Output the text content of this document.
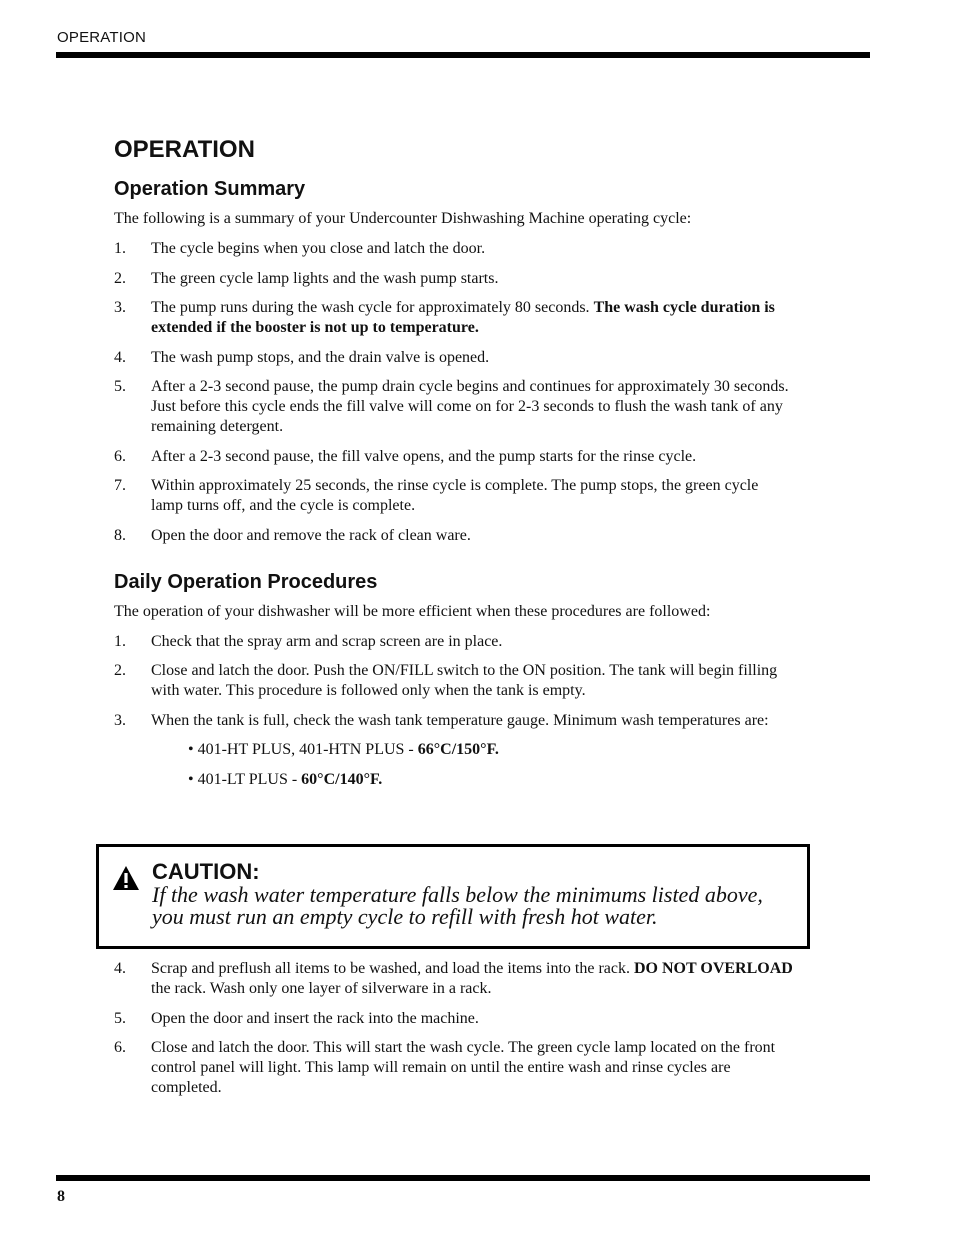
OPERATION
OPERATION
Operation Summary

The following is a summary of your Undercounter Dishwashing Machine operating cycle:

1. The cycle begins when you close and latch the door.
2. The green cycle lamp lights and the wash pump starts.
3. The pump runs during the wash cycle for approximately 80 seconds. The wash cycle duration is extended if the booster is not up to temperature.
4. The wash pump stops, and the drain valve is opened.
5. After a 2-3 second pause, the pump drain cycle begins and continues for approximately 30 seconds. Just before this cycle ends the fill valve will come on for 2-3 seconds to flush the wash tank of any remaining detergent.
6. After a 2-3 second pause, the fill valve opens, and the pump starts for the rinse cycle.
7. Within approximately 25 seconds, the rinse cycle is complete. The pump stops, the green cycle lamp turns off, and the cycle is complete.
8. Open the door and remove the rack of clean ware.
Daily Operation Procedures

The operation of your dishwasher will be more efficient when these procedures are followed:

1. Check that the spray arm and scrap screen are in place.
2. Close and latch the door. Push the ON/FILL switch to the ON position. The tank will begin filling with water. This procedure is followed only when the tank is empty.
3. When the tank is full, check the wash tank temperature gauge. Minimum wash temperatures are:
• 401-HT PLUS, 401-HTN PLUS - 66°C/150°F.
• 401-LT PLUS - 60°C/140°F.
CAUTION:
If the wash water temperature falls below the minimums listed above, you must run an empty cycle to refill with fresh hot water.
4. Scrap and preflush all items to be washed, and load the items into the rack. DO NOT OVERLOAD the rack. Wash only one layer of silverware in a rack.
5. Open the door and insert the rack into the machine.
6. Close and latch the door. This will start the wash cycle. The green cycle lamp located on the front control panel will light. This lamp will remain on until the entire wash and rinse cycles are completed.
8
